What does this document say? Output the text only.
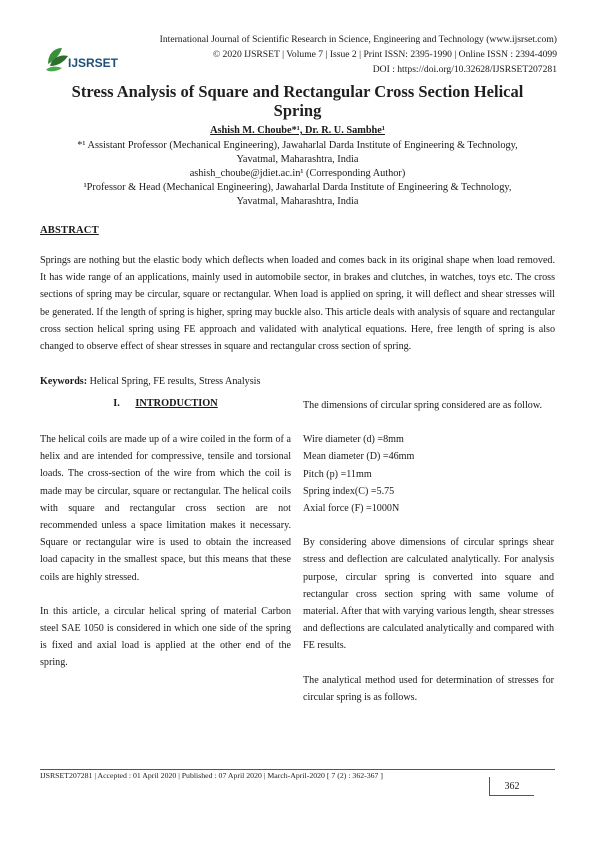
IJSRSET
International Journal of Scientific Research in Science, Engineering and Technology (www.ijsrset.com)
© 2020 IJSRSET | Volume 7 | Issue 2 | Print ISSN: 2395-1990 | Online ISSN : 2394-4099
DOI : https://doi.org/10.32628/IJSRSET207281
Stress Analysis of Square and Rectangular Cross Section Helical
Spring
Ashish M. Choube*¹, Dr. R. U. Sambhe¹
*¹ Assistant Professor (Mechanical Engineering), Jawaharlal Darda Institute of Engineering & Technology,
Yavatmal, Maharashtra, India
ashish_choube@jdiet.ac.in¹ (Corresponding Author)
¹Professor & Head (Mechanical Engineering), Jawaharlal Darda Institute of Engineering & Technology,
Yavatmal, Maharashtra, India
ABSTRACT
Springs are nothing but the elastic body which deflects when loaded and comes back in its original shape when load removed. It has wide range of an applications, mainly used in automobile sector, in brakes and clutches, in watches, toys etc. The cross sections of spring may be circular, square or rectangular. When load is applied on spring, it will deflect and shear stresses will be generated. If the length of spring is higher, spring may buckle also. This article deals with analysis of square and rectangular cross section helical spring using FE approach and validated with analytical equations. Here, free length of spring is also changed to observe effect of shear stresses in square and rectangular cross section of spring.
Keywords: Helical Spring, FE results, Stress Analysis
I. INTRODUCTION

The helical coils are made up of a wire coiled in the form of a helix and are intended for compressive, tensile and torsional loads. The cross-section of the wire from which the coil is made may be circular, square or rectangular. The helical coils with square and rectangular cross section are not recommended unless a space limitation makes it necessary. Square or rectangular wire is used to obtain the increased load capacity in the smallest space, but this means that these coils are highly stressed.

In this article, a circular helical spring of material Carbon steel SAE 1050 is considered in which one side of the spring is fixed and axial load is applied at the other end of the spring.

The dimensions of circular spring considered are as follow.

Wire diameter (d) =8mm
Mean diameter (D) =46mm
Pitch (p) =11mm
Spring index(C) =5.75
Axial force (F) =1000N

By considering above dimensions of circular springs shear stress and deflection are calculated analytically. For analysis purpose, circular spring is converted into square and rectangular cross section spring with same volume of material. After that with varying various length, shear stresses and deflections are calculated analytically and compared with FE results.

The analytical method used for determination of stresses for circular spring is as follows.

IJSRSET207281 | Accepted : 01 April 2020 | Published : 07 April 2020 | March-April-2020 [ 7 (2) : 362-367 ]
362
